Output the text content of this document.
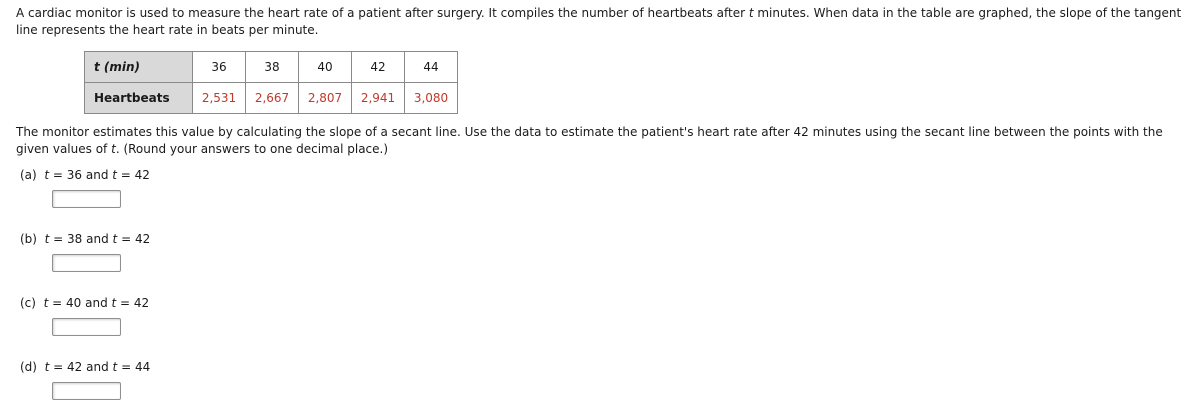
A cardiac monitor is used to measure the heart rate of a patient after surgery. It compiles the number of heartbeats after t minutes. When data in the table are graphed, the slope of the tangent line represents the heart rate in beats per minute.
t (min)	36	38	40	42	44
Heartbeats	2,531	2,667	2,807	2,941	3,080
The monitor estimates this value by calculating the slope of a secant line. Use the data to estimate the patient's heart rate after 42 minutes using the secant line between the points with the given values of t. (Round your answers to one decimal place.)
(a) t = 36 and t = 42
(b) t = 38 and t = 42
(c) t = 40 and t = 42
(d) t = 42 and t = 44
